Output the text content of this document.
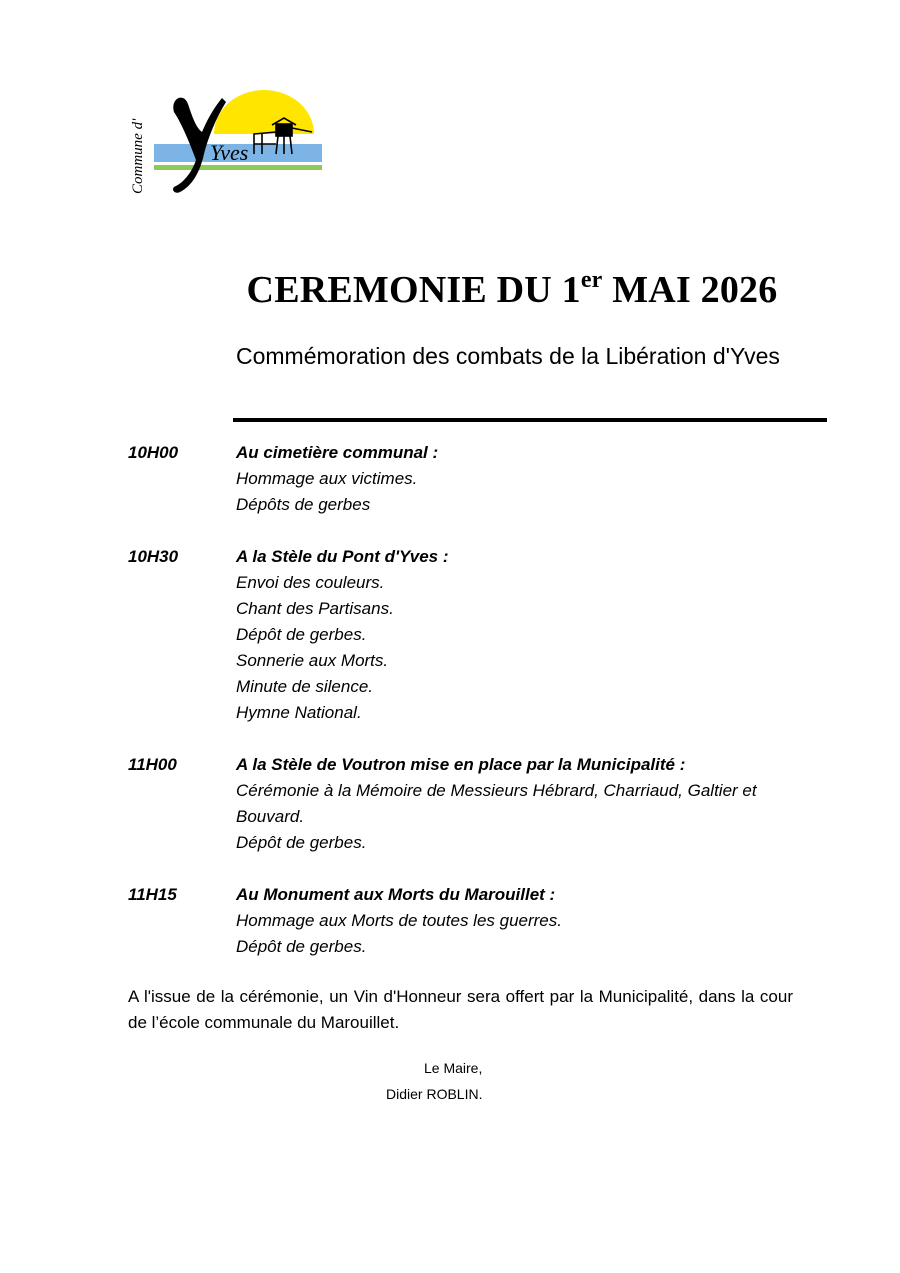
Yves
Commune d'
CEREMONIE DU 1er MAI 2026
Commémoration des combats de la Libération d'Yves
10H00	Au cimetière communal :
Hommage aux victimes.
Dépôts de gerbes
10H30	A la Stèle du Pont d'Yves :
Envoi des couleurs.
Chant des Partisans.
Dépôt de gerbes.
Sonnerie aux Morts.
Minute de silence.
Hymne National.
11H00	A la Stèle de Voutron mise en place par la Municipalité :
Cérémonie à la Mémoire de Messieurs Hébrard, Charriaud, Galtier et Bouvard.
Dépôt de gerbes.
11H15	Au Monument aux Morts du Marouillet :
Hommage aux Morts de toutes les guerres.
Dépôt de gerbes.
A l'issue de la cérémonie, un Vin d'Honneur sera offert par la Municipalité, dans la cour de l’école communale du Marouillet.
Le Maire,
Didier ROBLIN.
